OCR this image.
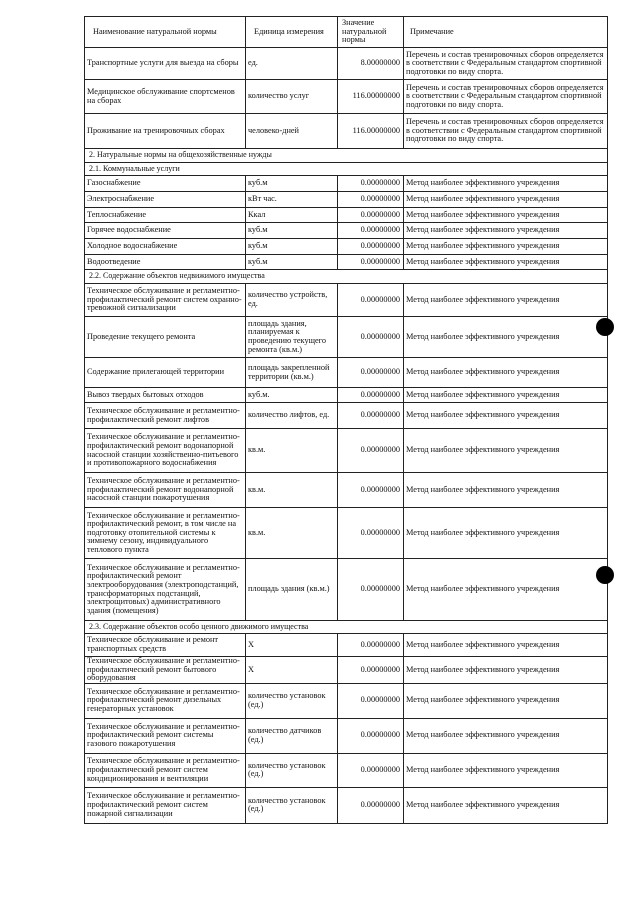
Наименование натуральной нормы	Единица измерения	Значение натуральной нормы	Примечание
Транспортные услуги для выезда на сборы	ед.	8.00000000	Перечень и состав тренировочных сборов определяется в соответствии с Федеральным стандартом спортивной подготовки по виду спорта.
Медицинское обслуживание спортсменов на сборах	количество услуг	116.00000000	Перечень и состав тренировочных сборов определяется в соответствии с Федеральным стандартом спортивной подготовки по виду спорта.
Проживание на тренировочных сборах	человеко-дней	116.00000000	Перечень и состав тренировочных сборов определяется в соответствии с Федеральным стандартом спортивной подготовки по виду спорта.
2. Натуральные нормы на общехозяйственные нужды			
2.1. Коммунальные услуги			
Газоснабжение	куб.м	0.00000000	Метод наиболее эффективного учреждения
Электроснабжение	кВт час.	0.00000000	Метод наиболее эффективного учреждения
Теплоснабжение	Ккал	0.00000000	Метод наиболее эффективного учреждения
Горячее водоснабжение	куб.м	0.00000000	Метод наиболее эффективного учреждения
Холодное водоснабжение	куб.м	0.00000000	Метод наиболее эффективного учреждения
Водоотведение	куб.м	0.00000000	Метод наиболее эффективного учреждения
2.2. Содержание объектов недвижимого имущества			
Техническое обслуживание и регламентно-профилактический ремонт систем охранно-тревожной сигнализации	количество устройств, ед.	0.00000000	Метод наиболее эффективного учреждения
Проведение текущего ремонта	площадь здания, планируемая к проведению текущего ремонта (кв.м.)	0.00000000	Метод наиболее эффективного учреждения
Содержание прилегающей территории	площадь закрепленной территории (кв.м.)	0.00000000	Метод наиболее эффективного учреждения
Вывоз твердых бытовых отходов	куб.м.	0.00000000	Метод наиболее эффективного учреждения
Техническое обслуживание и регламентно-профилактический ремонт лифтов	количество лифтов, ед.	0.00000000	Метод наиболее эффективного учреждения
Техническое обслуживание и регламентно-профилактический ремонт водонапорной насосной станции хозяйственно-питьевого и противопожарного водоснабжения	кв.м.	0.00000000	Метод наиболее эффективного учреждения
Техническое обслуживание и регламентно-профилактический ремонт водонапорной насосной станции пожаротушения	кв.м.	0.00000000	Метод наиболее эффективного учреждения
Техническое обслуживание и регламентно-профилактический ремонт, в том числе на подготовку отопительной системы к зимнему сезону, индивидуального теплового пункта	кв.м.	0.00000000	Метод наиболее эффективного учреждения
Техническое обслуживание и регламентно-профилактический ремонт электрооборудования (электроподстанций, трансформаторных подстанций, электрощитовых) административного здания (помещения)	площадь здания (кв.м.)	0.00000000	Метод наиболее эффективного учреждения
2.3. Содержание объектов особо ценного движимого имущества			
Техническое обслуживание и ремонт транспортных средств	X	0.00000000	Метод наиболее эффективного учреждения
Техническое обслуживание и регламентно-профилактический ремонт бытового оборудования	X	0.00000000	Метод наиболее эффективного учреждения
Техническое обслуживание и регламентно-профилактический ремонт дизельных генераторных установок	количество установок (ед.)	0.00000000	Метод наиболее эффективного учреждения
Техническое обслуживание и регламентно-профилактический ремонт системы газового пожаротушения	количество датчиков (ед.)	0.00000000	Метод наиболее эффективного учреждения
Техническое обслуживание и регламентно-профилактический ремонт систем кондиционирования и вентиляции	количество установок (ед.)	0.00000000	Метод наиболее эффективного учреждения
Техническое обслуживание и регламентно-профилактический ремонт систем пожарной сигнализации	количество установок (ед.)	0.00000000	Метод наиболее эффективного учреждения
